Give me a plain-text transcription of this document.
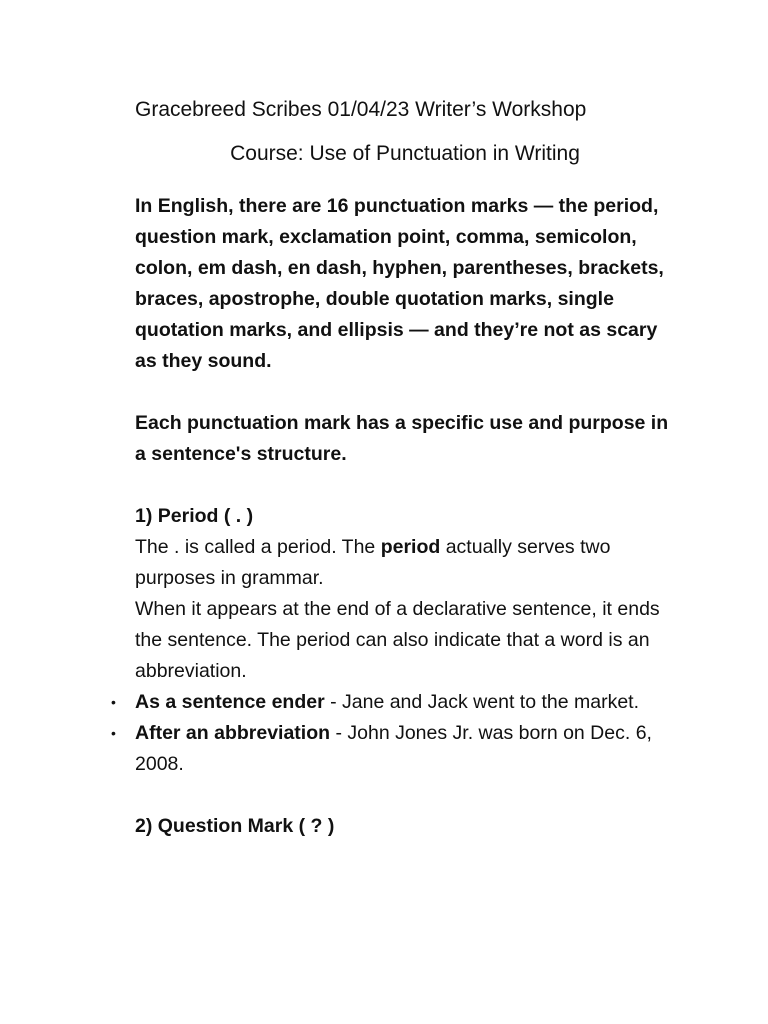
Gracebreed Scribes 01/04/23 Writer’s Workshop

Course: Use of Punctuation in Writing

In English, there are 16 punctuation marks — the period, question mark, exclamation point, comma, semicolon, colon, em dash, en dash, hyphen, parentheses, brackets, braces, apostrophe, double quotation marks, single quotation marks, and ellipsis — and they’re not as scary as they sound.

Each punctuation mark has a specific use and purpose in a sentence's structure.

1) Period ( . )

The . is called a period. The period actually serves two purposes in grammar.

When it appears at the end of a declarative sentence, it ends the sentence. The period can also indicate that a word is an abbreviation.

• As a sentence ender - Jane and Jack went to the market.
• After an abbreviation - John Jones Jr. was born on Dec. 6, 2008.

2) Question Mark ( ? )
